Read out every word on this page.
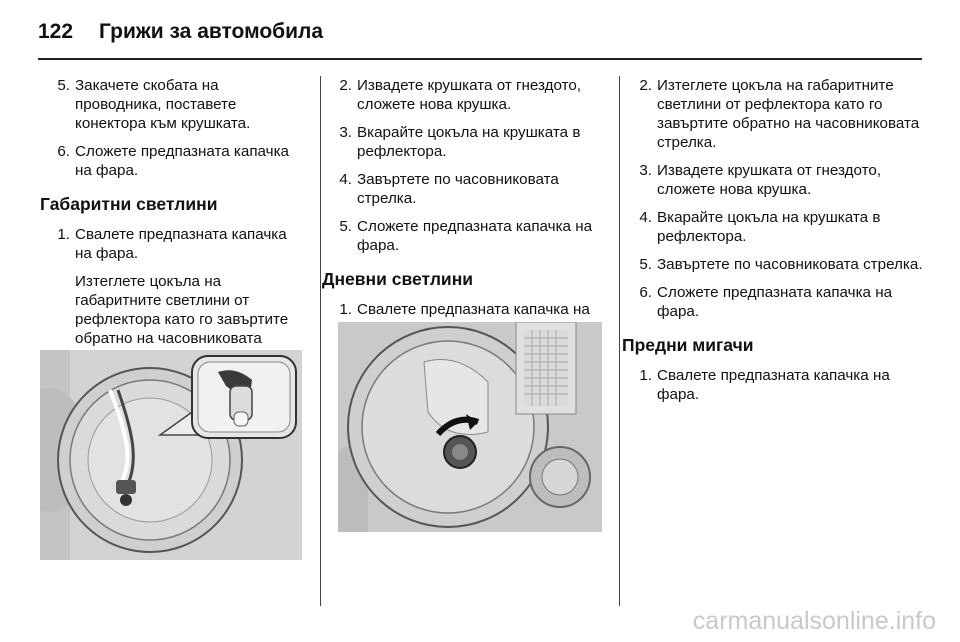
122 Грижи за автомобила
5. Закачете скобата на проводника, поставете конектора към крушката.
6. Сложете предпазната капачка на фара.
Габаритни светлини
1. Свалете предпазната капачка на фара.
Изтеглете цокъла на габаритните светлини от рефлектора като го завъртите обратно на часовниковата
2. Извадете крушката от гнездото, сложете нова крушка.
3. Вкарайте цокъла на крушката в рефлектора.
4. Завъртете по часовниковата стрелка.
5. Сложете предпазната капачка на фара.
Дневни светлини
1. Свалете предпазната капачка на
2. Изтеглете цокъла на габаритните светлини от рефлектора като го завъртите обратно на часовниковата стрелка.
3. Извадете крушката от гнездото, сложете нова крушка.
4. Вкарайте цокъла на крушката в рефлектора.
5. Завъртете по часовниковата стрелка.
6. Сложете предпазната капачка на фара.
Предни мигачи
1. Свалете предпазната капачка на фара.
carmanualsonline.info
